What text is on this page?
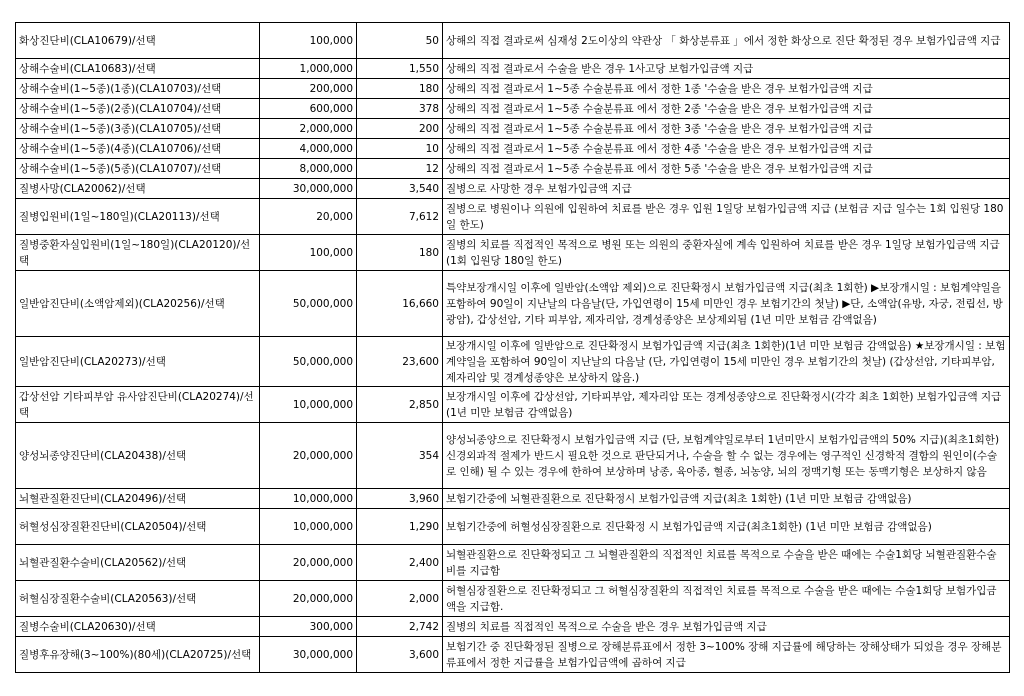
화상진단비(CLA10679)/선택	100,000	50	상해의 직접 결과로써 심재성 2도이상의 약관상 「 화상분류표 」에서 정한 화상으로 진단 확정된 경우 보험가입금액 지급
상해수술비(CLA10683)/선택	1,000,000	1,550	상해의 직접 결과로서 수술을 받은 경우 1사고당 보험가입금액 지급
상해수술비(1~5종)(1종)(CLA10703)/선택	200,000	180	상해의 직접 결과로서 1~5종 수술분류표 에서 정한 1종 '수술을 받은 경우 보험가입금액 지급
상해수술비(1~5종)(2종)(CLA10704)/선택	600,000	378	상해의 직접 결과로서 1~5종 수술분류표 에서 정한 2종 '수술을 받은 경우 보험가입금액 지급
상해수술비(1~5종)(3종)(CLA10705)/선택	2,000,000	200	상해의 직접 결과로서 1~5종 수술분류표 에서 정한 3종 '수술을 받은 경우 보험가입금액 지급
상해수술비(1~5종)(4종)(CLA10706)/선택	4,000,000	10	상해의 직접 결과로서 1~5종 수술분류표 에서 정한 4종 '수술을 받은 경우 보험가입금액 지급
상해수술비(1~5종)(5종)(CLA10707)/선택	8,000,000	12	상해의 직접 결과로서 1~5종 수술분류표 에서 정한 5종 '수술을 받은 경우 보험가입금액 지급
질병사망(CLA20062)/선택	30,000,000	3,540	질병으로 사망한 경우 보험가입금액 지급
질병입원비(1일~180일)(CLA20113)/선택	20,000	7,612	질병으로 병원이나 의원에 입원하여 치료를 받은 경우 입원 1일당 보험가입금액 지급 (보험금 지급 일수는 1회 입원당 180일 한도)
질병중환자실입원비(1일~180일)(CLA20120)/선택	100,000	180	질병의 치료를 직접적인 목적으로 병원 또는 의원의 중환자실에 계속 입원하여 치료를 받은 경우 1일당 보험가입금액 지급(1회 입원당 180일 한도)
일반암진단비(소액암제외)(CLA20256)/선택	50,000,000	16,660	특약보장개시일 이후에 일반암(소액암 제외)으로 진단확정시 보험가입금액 지급(최초 1회한) ▶보장개시일 : 보험계약일을 포함하여 90일이 지난날의 다음날(단, 가입연령이 15세 미만인 경우 보험기간의 첫날) ▶단, 소액암(유방, 자궁, 전립선, 방광암), 갑상선암, 기타 피부암, 제자리암, 경계성종양은 보상제외됨 (1년 미만 보험금 감액없음)
일반암진단비(CLA20273)/선택	50,000,000	23,600	보장개시일 이후에 일반암으로 진단확정시 보험가입금액 지급(최초 1회한)(1년 미만 보험금 감액없음) ★보장개시일 : 보험계약일을 포함하여 90일이 지난날의 다음날 (단, 가입연령이 15세 미만인 경우 보험기간의 첫날) (갑상선암, 기타피부암, 제자리암 및 경계성종양은 보상하지 않음.)
갑상선암 기타피부암 유사암진단비(CLA20274)/선택	10,000,000	2,850	보장개시일 이후에 갑상선암, 기타피부암, 제자리암 또는 경계성종양으로 진단확정시(각각 최초 1회한) 보험가입금액 지급 (1년 미만 보험금 감액없음)
양성뇌종양진단비(CLA20438)/선택	20,000,000	354	양성뇌종양으로 진단확정시 보험가입금액 지급 (단, 보험계약일로부터 1년미만시 보험가입금액의 50% 지급)(최초1회한) 신경외과적 절제가 반드시 필요한 것으로 판단되거나, 수술을 할 수 없는 경우에는 영구적인 신경학적 결함의 원인이(수술로 인해) 될 수 있는 경우에 한하여 보상하며 낭종, 육아종, 혈종, 뇌농양, 뇌의 정맥기형 또는 동맥기형은 보상하지 않음
뇌혈관질환진단비(CLA20496)/선택	10,000,000	3,960	보험기간중에 뇌혈관질환으로 진단확정시 보험가입금액 지급(최초 1회한) (1년 미만 보험금 감액없음)
허혈성심장질환진단비(CLA20504)/선택	10,000,000	1,290	보험기간중에 허혈성심장질환으로 진단확정 시 보험가입금액 지급(최초1회한) (1년 미만 보험금 감액없음)
뇌혈관질환수술비(CLA20562)/선택	20,000,000	2,400	뇌혈관질환으로 진단확정되고 그 뇌혈관질환의 직접적인 치료를 목적으로 수술을 받은 때에는 수술1회당 뇌혈관질환수술비를 지급함
허혈심장질환수술비(CLA20563)/선택	20,000,000	2,000	허혈심장질환으로 진단확정되고 그 허혈심장질환의 직접적인 치료를 목적으로 수술을 받은 때에는 수술1회당 보험가입금액을 지급함.
질병수술비(CLA20630)/선택	300,000	2,742	질병의 치료를 직접적인 목적으로 수술을 받은 경우 보험가입금액 지급
질병후유장해(3~100%)(80세)(CLA20725)/선택	30,000,000	3,600	보험기간 중 진단확정된 질병으로 장해분류표에서 정한 3~100% 장해 지급률에 해당하는 장해상태가 되었을 경우 장해분류표에서 정한 지급률을 보험가입금액에 곱하여 지급
